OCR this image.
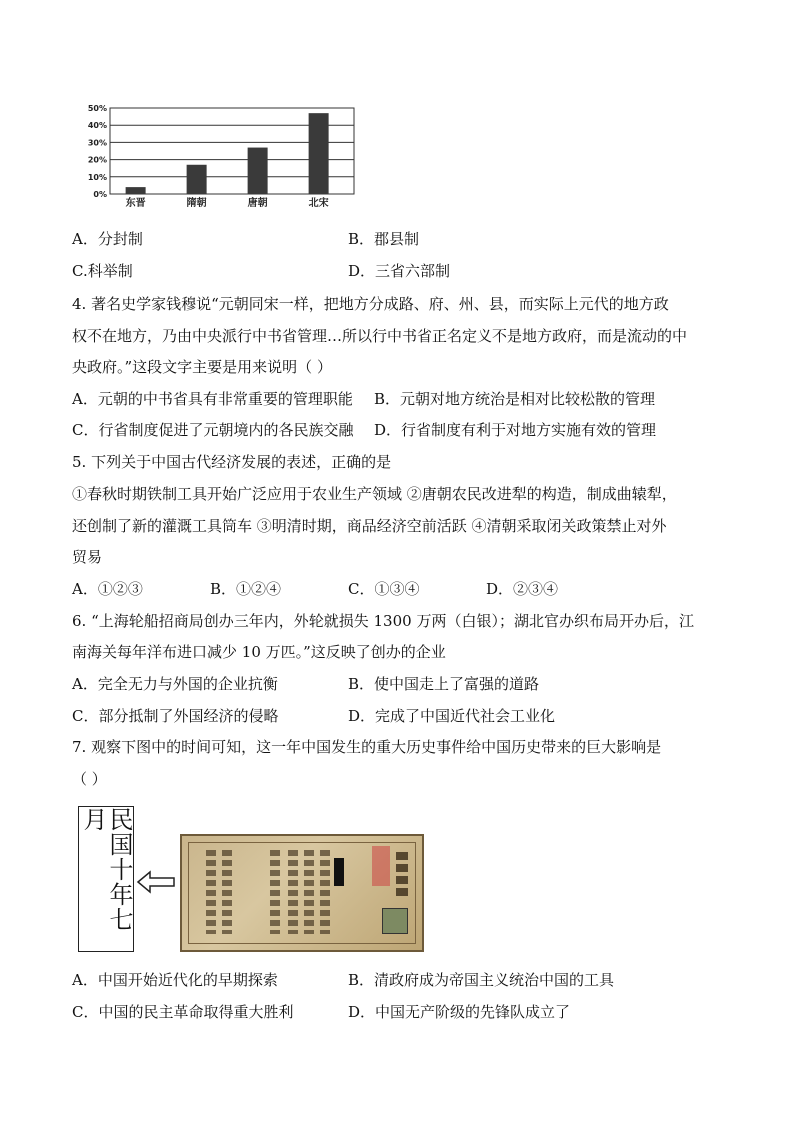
0%
10%
20%
30%
40%
50%
东晋	隋朝	唐朝	北宋
A．分封制	B．郡县制
C.科举制	D．三省六部制
4. 著名史学家钱穆说“元朝同宋一样，把地方分成路、府、州、县，而实际上元代的地方政
权不在地方，乃由中央派行中书省管理…所以行中书省正名定义不是地方政府，而是流动的中
央政府。”这段文字主要是用来说明（ ）
A．元朝的中书省具有非常重要的管理职能 B．元朝对地方统治是相对比较松散的管理
C．行省制度促进了元朝境内的各民族交融 D．行省制度有利于对地方实施有效的管理
5. 下列关于中国古代经济发展的表述，正确的是
①春秋时期铁制工具开始广泛应用于农业生产领域 ②唐朝农民改进犁的构造，制成曲辕犁，
还创制了新的灌溉工具筒车 ③明清时期，商品经济空前活跃 ④清朝采取闭关政策禁止对外
贸易
A．①②③	B．①②④	C．①③④	D．②③④
6. “上海轮船招商局创办三年内，外轮就损失 1300 万两（白银）；湖北官办织布局开办后，江
南海关每年洋布进口减少 10 万匹。”这反映了创办的企业
A．完全无力与外国的企业抗衡	B．使中国走上了富强的道路
C．部分抵制了外国经济的侵略	D．完成了中国近代社会工业化
7. 观察下图中的时间可知，这一年中国发生的重大历史事件给中国历史带来的巨大影响是
（ ）
民国十年七月
A．中国开始近代化的早期探索	B．清政府成为帝国主义统治中国的工具
C．中国的民主革命取得重大胜利	D．中国无产阶级的先锋队成立了
